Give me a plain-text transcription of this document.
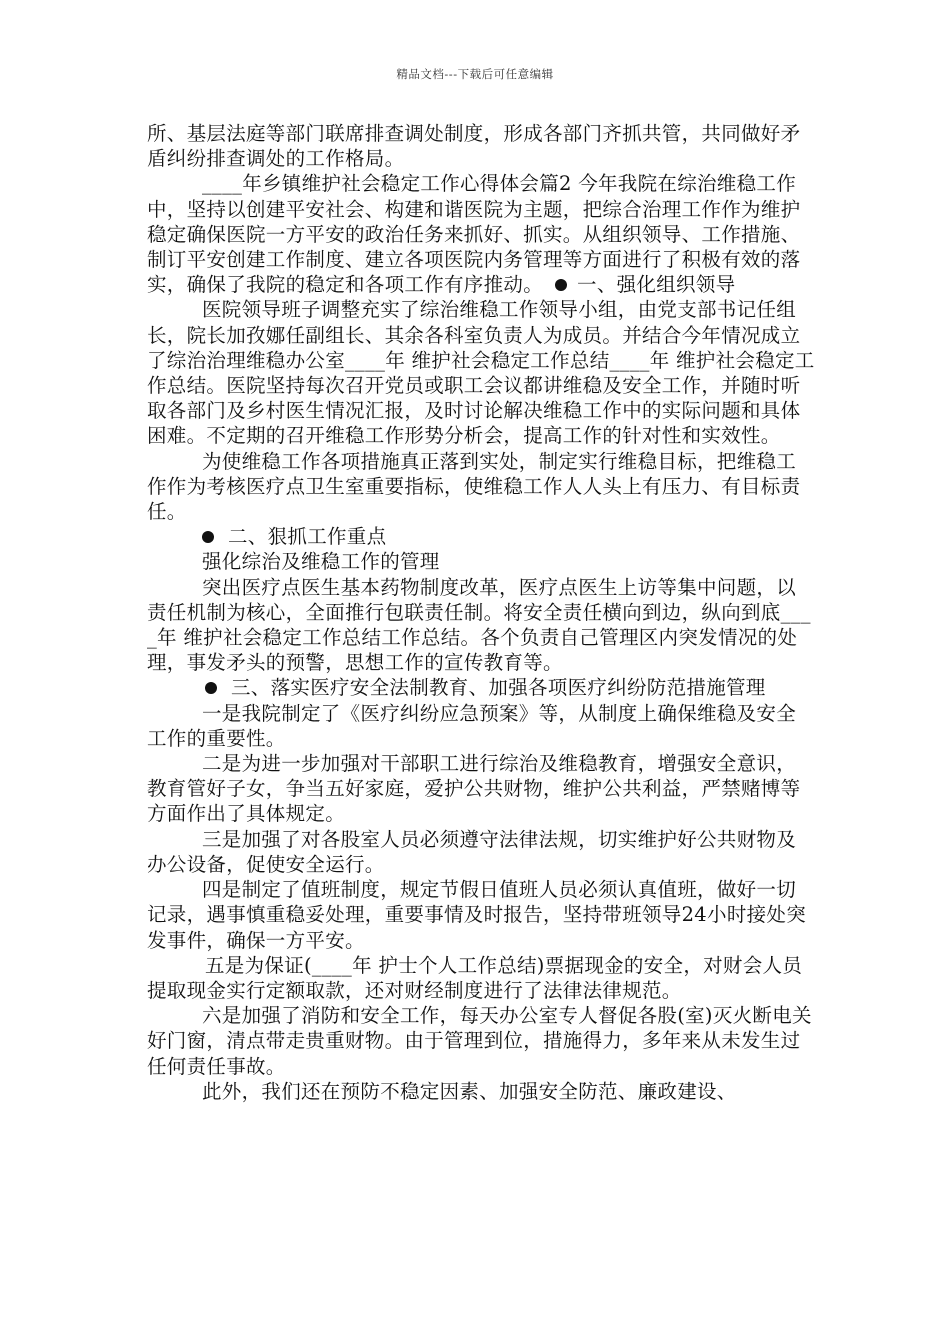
精品文档---下载后可任意编辑

所、基层法庭等部门联席排查调处制度，形成各部门齐抓共管，共同做好矛盾纠纷排查调处的工作格局。

____年乡镇维护社会稳定工作心得体会篇2 今年我院在综治维稳工作中，坚持以创建平安社会、构建和谐医院为主题，把综合治理工作作为维护稳定确保医院一方平安的政治任务来抓好、抓实。从组织领导、工作措施、制订平安创建工作制度、建立各项医院内务管理等方面进行了积极有效的落实，确保了我院的稳定和各项工作有序推动。 一、强化组织领导

医院领导班子调整充实了综治维稳工作领导小组，由党支部书记任组长，院长加孜娜任副组长、其余各科室负责人为成员。并结合今年情况成立了综治治理维稳办公室____年 维护社会稳定工作总结____年 维护社会稳定工作总结。医院坚持每次召开党员或职工会议都讲维稳及安全工作，并随时听取各部门及乡村医生情况汇报，及时讨论解决维稳工作中的实际问题和具体困难。不定期的召开维稳工作形势分析会，提高工作的针对性和实效性。

为使维稳工作各项措施真正落到实处，制定实行维稳目标，把维稳工作作为考核医疗点卫生室重要指标，使维稳工作人人头上有压力、有目标责任。

二、狠抓工作重点

强化综治及维稳工作的管理

突出医疗点医生基本药物制度改革，医疗点医生上访等集中问题，以责任机制为核心，全面推行包联责任制。将安全责任横向到边，纵向到底____年 维护社会稳定工作总结工作总结。各个负责自己管理区内突发情况的处理，事发矛头的预警，思想工作的宣传教育等。

三、落实医疗安全法制教育、加强各项医疗纠纷防范措施管理

一是我院制定了《医疗纠纷应急预案》等，从制度上确保维稳及安全工作的重要性。

二是为进一步加强对干部职工进行综治及维稳教育，增强安全意识，教育管好子女，争当五好家庭，爱护公共财物，维护公共利益，严禁赌博等方面作出了具体规定。

三是加强了对各股室人员必须遵守法律法规，切实维护好公共财物及办公设备，促使安全运行。

四是制定了值班制度，规定节假日值班人员必须认真值班，做好一切记录，遇事慎重稳妥处理，重要事情及时报告，坚持带班领导24小时接处突发事件，确保一方平安。

五是为保证(____年 护士个人工作总结)票据现金的安全，对财会人员提取现金实行定额取款，还对财经制度进行了法律法律规范。

六是加强了消防和安全工作，每天办公室专人督促各股(室)灭火断电关好门窗，清点带走贵重财物。由于管理到位，措施得力，多年来从未发生过任何责任事故。

此外，我们还在预防不稳定因素、加强安全防范、廉政建设、
